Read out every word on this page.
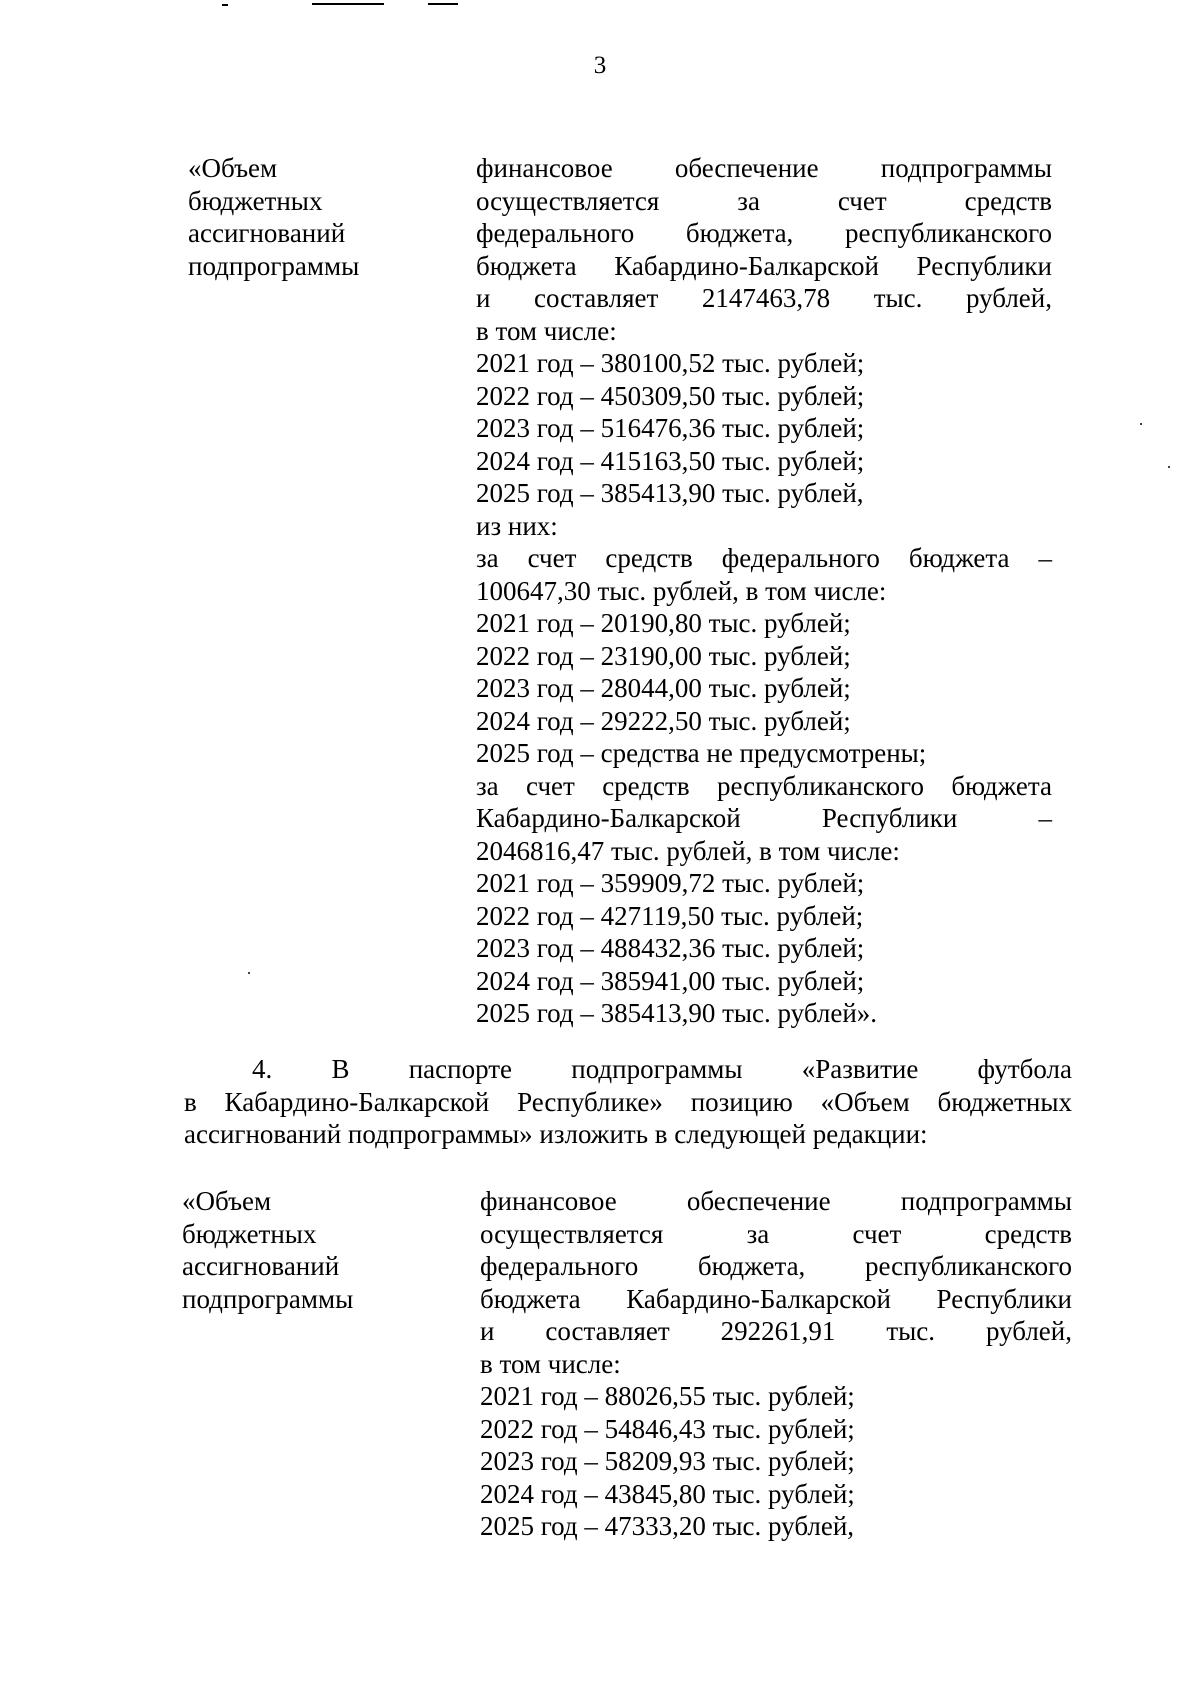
3
«Объем
бюджетных
ассигнований
подпрограммы
финансовое обеспечение подпрограммы
осуществляется за счет средств
федерального бюджета, республиканского
бюджета Кабардино-Балкарской Республики
и составляет 2147463,78 тыс. рублей,
в том числе:
2021 год – 380100,52 тыс. рублей;
2022 год – 450309,50 тыс. рублей;
2023 год – 516476,36 тыс. рублей;
2024 год – 415163,50 тыс. рублей;
2025 год – 385413,90 тыс. рублей,
из них:
за счет средств федерального бюджета –
100647,30 тыс. рублей, в том числе:
2021 год – 20190,80 тыс. рублей;
2022 год – 23190,00 тыс. рублей;
2023 год – 28044,00 тыс. рублей;
2024 год – 29222,50 тыс. рублей;
2025 год – средства не предусмотрены;
за счет средств республиканского бюджета
Кабардино-Балкарской Республики –
2046816,47 тыс. рублей, в том числе:
2021 год – 359909,72 тыс. рублей;
2022 год – 427119,50 тыс. рублей;
2023 год – 488432,36 тыс. рублей;
2024 год – 385941,00 тыс. рублей;
2025 год – 385413,90 тыс. рублей».
4. В паспорте подпрограммы «Развитие футбола
в Кабардино-Балкарской Республике» позицию «Объем бюджетных
ассигнований подпрограммы» изложить в следующей редакции:
«Объем
бюджетных
ассигнований
подпрограммы
финансовое обеспечение подпрограммы
осуществляется за счет средств
федерального бюджета, республиканского
бюджета Кабардино-Балкарской Республики
и составляет 292261,91 тыс. рублей,
в том числе:
2021 год – 88026,55 тыс. рублей;
2022 год – 54846,43 тыс. рублей;
2023 год – 58209,93 тыс. рублей;
2024 год – 43845,80 тыс. рублей;
2025 год – 47333,20 тыс. рублей,
